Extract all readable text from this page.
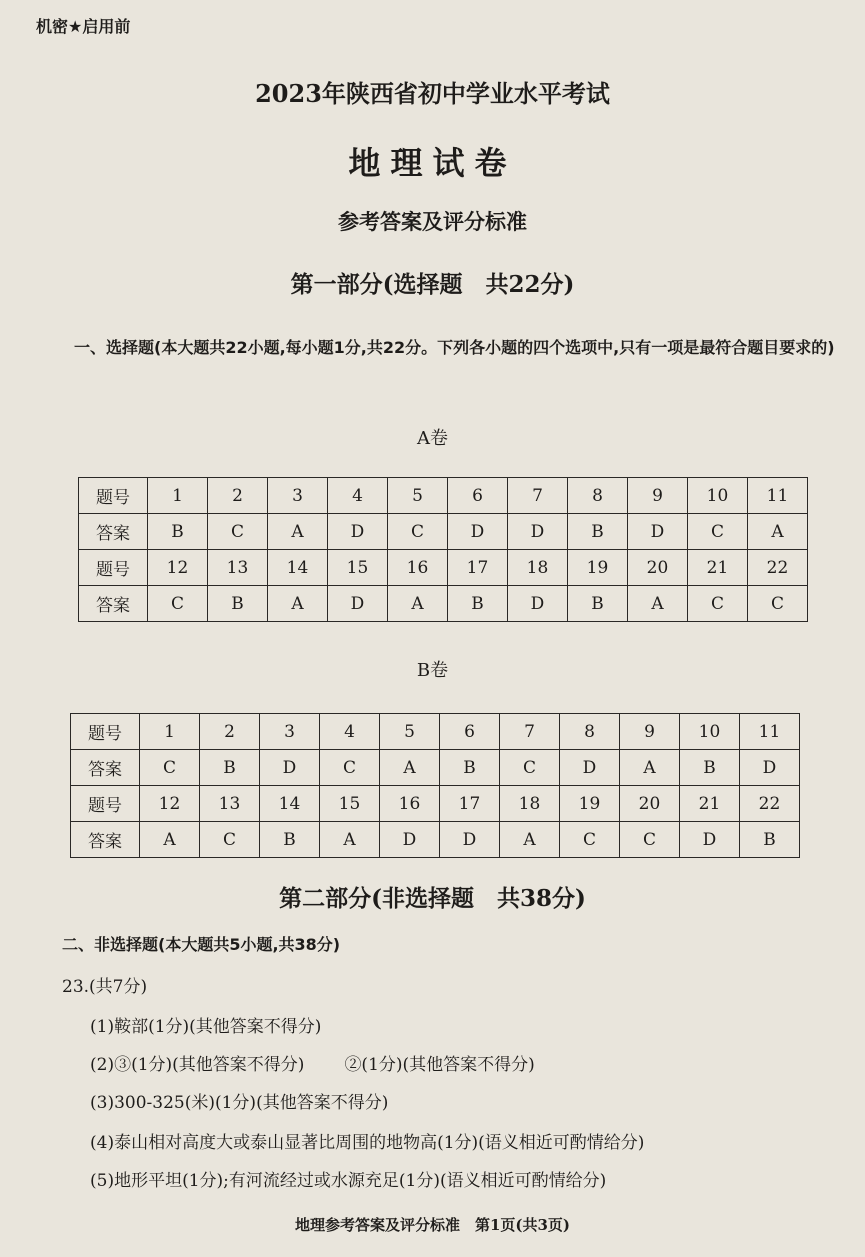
机密★启用前
2023年陕西省初中学业水平考试
地理试卷
参考答案及评分标准
第一部分(选择题　共22分)
一、选择题(本大题共22小题,每小题1分,共22分。下列各小题的四个选项中,只有一项是最符合题目要求的)
A卷
题号	1	2	3	4	5	6	7	8	9	10	11
答案	B	C	A	D	C	D	D	B	D	C	A
题号	12	13	14	15	16	17	18	19	20	21	22
答案	C	B	A	D	A	B	D	B	A	C	C
B卷
题号	1	2	3	4	5	6	7	8	9	10	11
答案	C	B	D	C	A	B	C	D	A	B	D
题号	12	13	14	15	16	17	18	19	20	21	22
答案	A	C	B	A	D	D	A	C	C	D	B
第二部分(非选择题　共38分)
二、非选择题(本大题共5小题,共38分)
23.(共7分)
(1)鞍部(1分)(其他答案不得分)
(2)③(1分)(其他答案不得分) ②(1分)(其他答案不得分)
(3)300-325(米)(1分)(其他答案不得分)
(4)泰山相对高度大或泰山显著比周围的地物高(1分)(语义相近可酌情给分)
(5)地形平坦(1分);有河流经过或水源充足(1分)(语义相近可酌情给分)
地理参考答案及评分标准　第1页(共3页)
